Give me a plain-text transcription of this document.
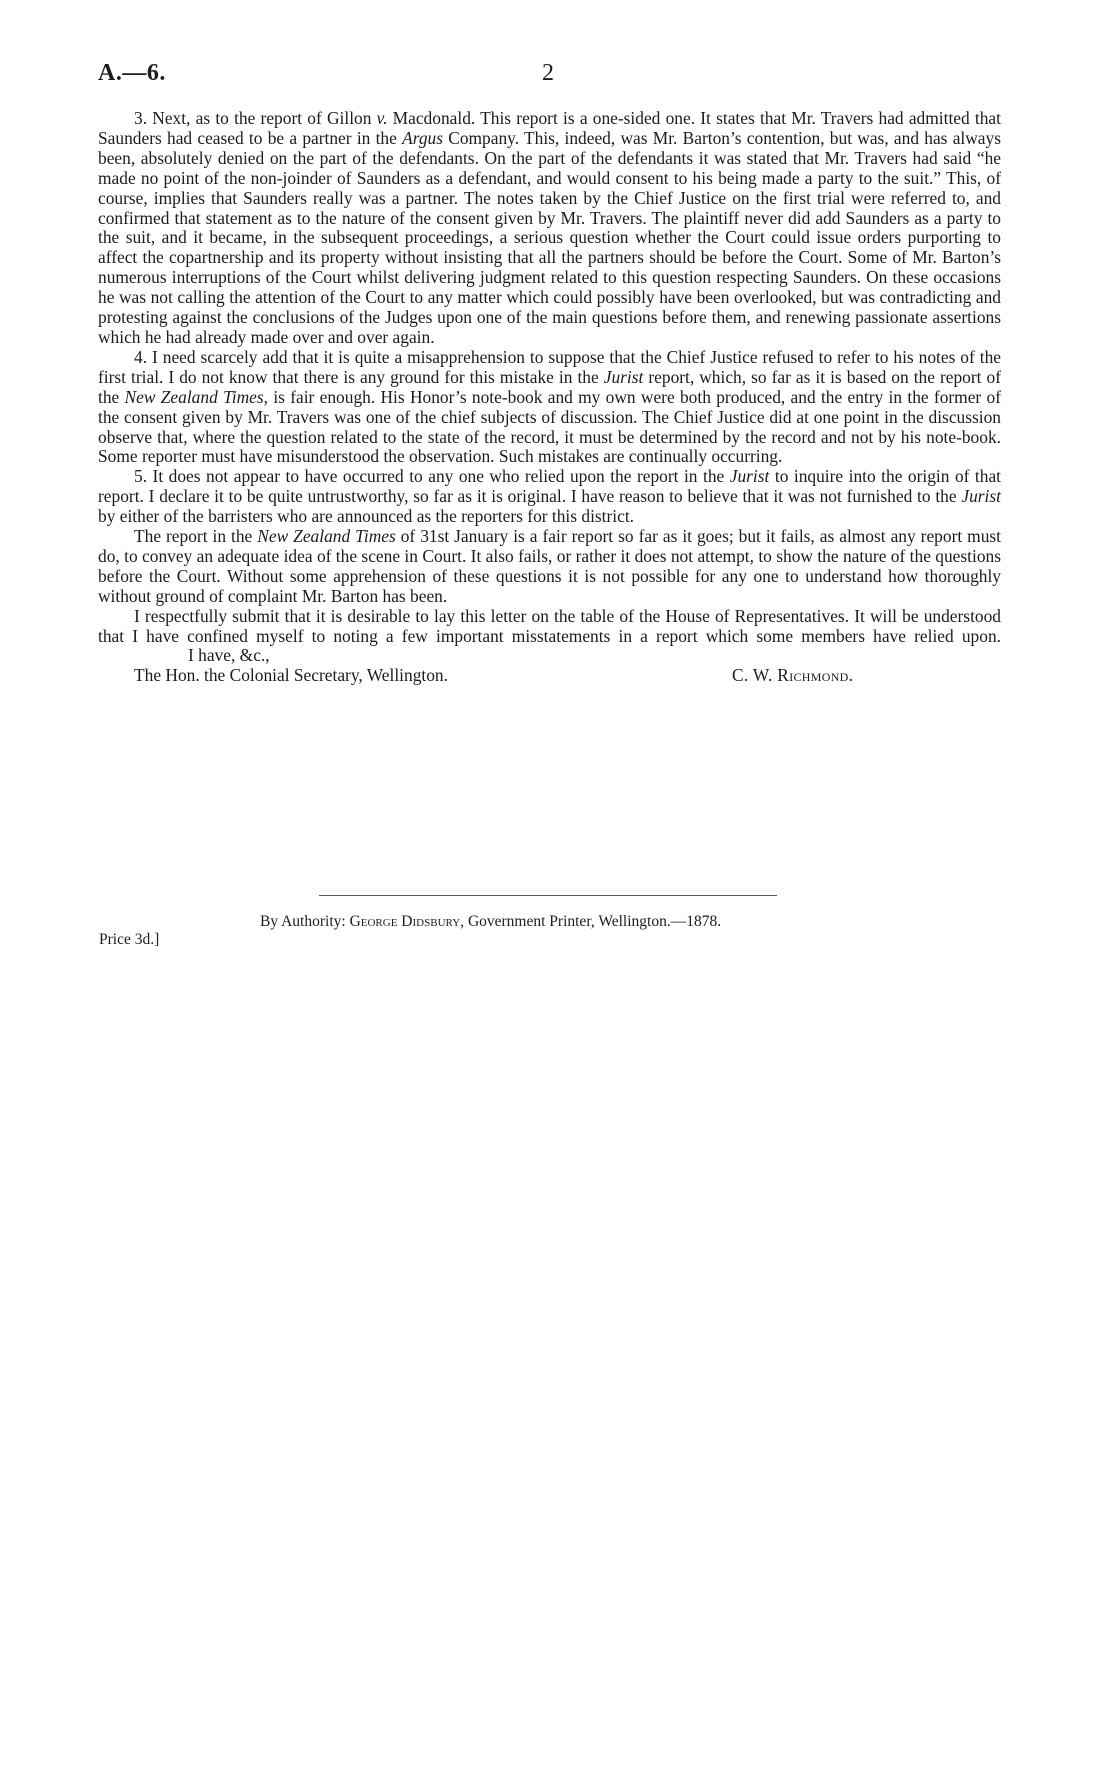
A.—6.	2

3. Next, as to the report of Gillon v. Macdonald. This report is a one-sided one. It states that Mr. Travers had admitted that Saunders had ceased to be a partner in the Argus Company. This, indeed, was Mr. Barton’s contention, but was, and has always been, absolutely denied on the part of the defendants. On the part of the defendants it was stated that Mr. Travers had said “he made no point of the non-joinder of Saunders as a defendant, and would consent to his being made a party to the suit.” This, of course, implies that Saunders really was a partner. The notes taken by the Chief Justice on the first trial were referred to, and confirmed that statement as to the nature of the consent given by Mr. Travers. The plaintiff never did add Saunders as a party to the suit, and it became, in the subsequent proceedings, a serious question whether the Court could issue orders purporting to affect the copartnership and its property without insisting that all the partners should be before the Court. Some of Mr. Barton’s numerous interruptions of the Court whilst delivering judgment related to this question respecting Saunders. On these occasions he was not calling the attention of the Court to any matter which could possibly have been overlooked, but was contradicting and protesting against the conclusions of the Judges upon one of the main questions before them, and renewing passionate assertions which he had already made over and over again.

4. I need scarcely add that it is quite a misapprehension to suppose that the Chief Justice refused to refer to his notes of the first trial. I do not know that there is any ground for this mistake in the Jurist report, which, so far as it is based on the report of the New Zealand Times, is fair enough. His Honor’s note-book and my own were both produced, and the entry in the former of the consent given by Mr. Travers was one of the chief subjects of discussion. The Chief Justice did at one point in the discussion observe that, where the question related to the state of the record, it must be determined by the record and not by his note-book. Some reporter must have misunderstood the observation. Such mistakes are continually occurring.

5. It does not appear to have occurred to any one who relied upon the report in the Jurist to inquire into the origin of that report. I declare it to be quite untrustworthy, so far as it is original. I have reason to believe that it was not furnished to the Jurist by either of the barristers who are announced as the reporters for this district.

The report in the New Zealand Times of 31st January is a fair report so far as it goes; but it fails, as almost any report must do, to convey an adequate idea of the scene in Court. It also fails, or rather it does not attempt, to show the nature of the questions before the Court. Without some apprehension of these questions it is not possible for any one to understand how thoroughly without ground of complaint Mr. Barton has been.

I respectfully submit that it is desirable to lay this letter on the table of the House of Representatives. It will be understood that I have confined myself to noting a few important misstatements in a report which some members have relied upon.I have, &c.,

The Hon. the Colonial Secretary, Wellington.	C. W. Richmond.
By Authority: George Didsbury, Government Printer, Wellington.—1878.
Price 3d.]
